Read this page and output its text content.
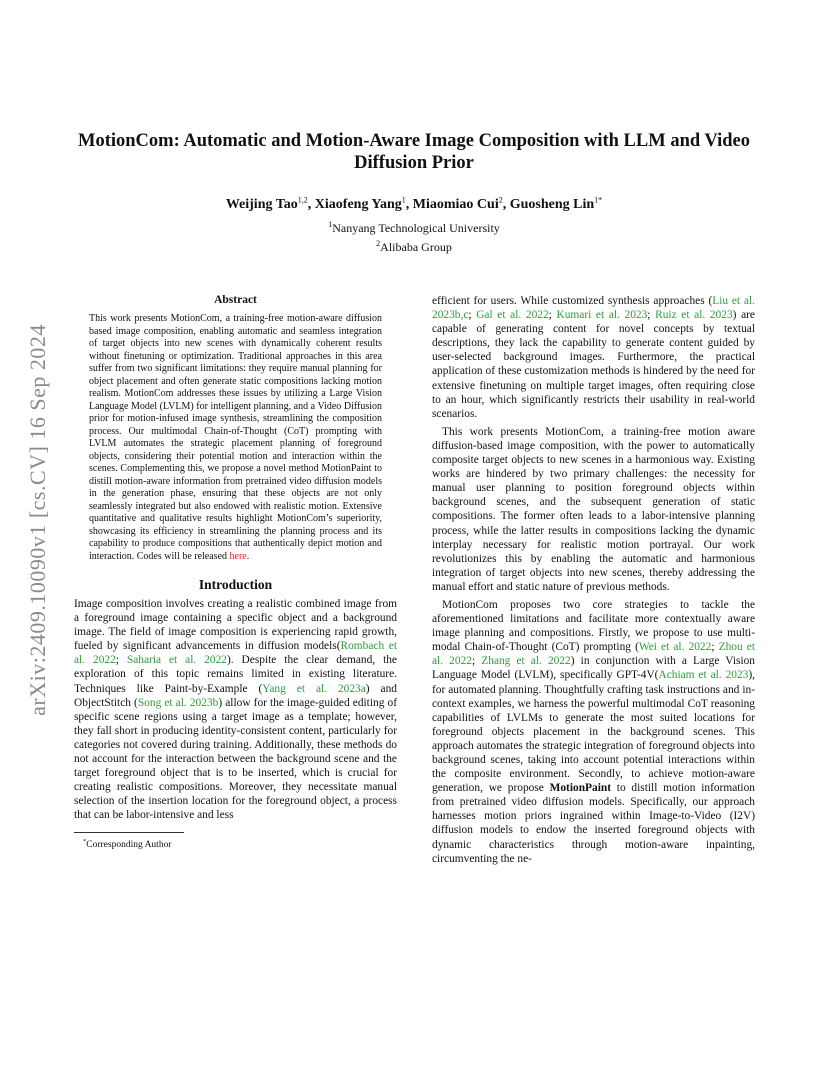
arXiv:2409.10090v1 [cs.CV] 16 Sep 2024
MotionCom: Automatic and Motion-Aware Image Composition with LLM and Video Diffusion Prior
Weijing Tao$^{1,2}$, Xiaofeng Yang$^1$, Miaomiao Cui$^2$, Guosheng Lin$^{1*}$
$^1$Nanyang Technological University
$^2$Alibaba Group
Abstract

This work presents MotionCom, a training-free motion-aware diffusion based image composition, enabling automatic and seamless integration of target objects into new scenes with dynamically coherent results without finetuning or optimization. Traditional approaches in this area suffer from two significant limitations: they require manual planning for object placement and often generate static compositions lacking motion realism. MotionCom addresses these issues by utilizing a Large Vision Language Model (LVLM) for intelligent planning, and a Video Diffusion prior for motion-infused image synthesis, streamlining the composition process. Our multimodal Chain-of-Thought (CoT) prompting with LVLM automates the strategic placement planning of foreground objects, considering their potential motion and interaction within the scenes. Complementing this, we propose a novel method MotionPaint to distill motion-aware information from pretrained video diffusion models in the generation phase, ensuring that these objects are not only seamlessly integrated but also endowed with realistic motion. Extensive quantitative and qualitative results highlight MotionCom’s superiority, showcasing its efficiency in streamlining the planning process and its capability to produce compositions that authentically depict motion and interaction. Codes will be released here.

Introduction

Image composition involves creating a realistic combined image from a foreground image containing a specific object and a background image. The field of image composition is experiencing rapid growth, fueled by significant advancements in diffusion models(Rombach et al. 2022; Saharia et al. 2022). Despite the clear demand, the exploration of this topic remains limited in existing literature. Techniques like Paint-by-Example (Yang et al. 2023a) and ObjectStitch (Song et al. 2023b) allow for the image-guided editing of specific scene regions using a target image as a template; however, they fall short in producing identity-consistent content, particularly for categories not covered during training. Additionally, these methods do not account for the interaction between the background scene and the target foreground object that is to be inserted, which is crucial for creating realistic compositions. Moreover, they necessitate manual selection of the insertion location for the foreground object, a process that can be labor-intensive and less

*Corresponding Author

efficient for users. While customized synthesis approaches (Liu et al. 2023b,c; Gal et al. 2022; Kumari et al. 2023; Ruiz et al. 2023) are capable of generating content for novel concepts by textual descriptions, they lack the capability to generate content guided by user-selected background images. Furthermore, the practical application of these customization methods is hindered by the need for extensive finetuning on multiple target images, often requiring close to an hour, which significantly restricts their usability in real-world scenarios.

This work presents MotionCom, a training-free motion aware diffusion-based image composition, with the power to automatically composite target objects to new scenes in a harmonious way. Existing works are hindered by two primary challenges: the necessity for manual user planning to position foreground objects within background scenes, and the subsequent generation of static compositions. The former often leads to a labor-intensive planning process, while the latter results in compositions lacking the dynamic interplay necessary for realistic motion portrayal. Our work revolutionizes this by enabling the automatic and harmonious integration of target objects into new scenes, thereby addressing the manual effort and static nature of previous methods.

MotionCom proposes two core strategies to tackle the aforementioned limitations and facilitate more contextually aware image planning and compositions. Firstly, we propose to use multi-modal Chain-of-Thought (CoT) prompting (Wei et al. 2022; Zhou et al. 2022; Zhang et al. 2022) in conjunction with a Large Vision Language Model (LVLM), specifically GPT-4V(Achiam et al. 2023), for automated planning. Thoughtfully crafting task instructions and in-context examples, we harness the powerful multimodal CoT reasoning capabilities of LVLMs to generate the most suited locations for foreground objects placement in the background scenes. This approach automates the strategic integration of foreground objects into background scenes, taking into account potential interactions within the composite environment. Secondly, to achieve motion-aware generation, we propose MotionPaint to distill motion information from pretrained video diffusion models. Specifically, our approach harnesses motion priors ingrained within Image-to-Video (I2V) diffusion models to endow the inserted foreground objects with dynamic characteristics through motion-aware inpainting, circumventing the ne-
